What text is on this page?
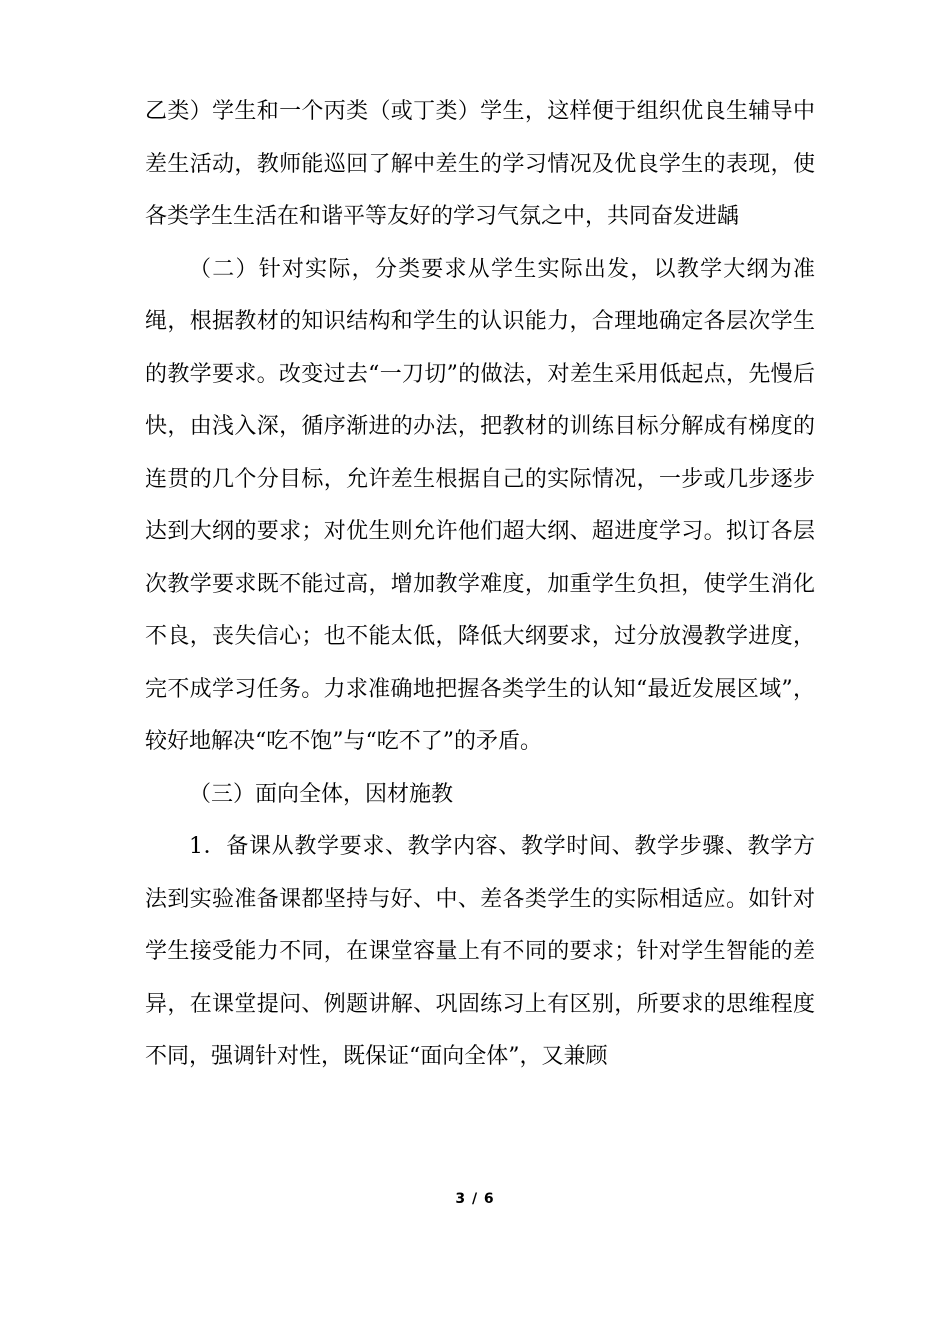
乙类）学生和一个丙类（或丁类）学生，这样便于组织优良生辅导中差生活动，教师能巡回了解中差生的学习情况及优良学生的表现，使各类学生生活在和谐平等友好的学习气氛之中，共同奋发进龋

（二）针对实际，分类要求从学生实际出发，以教学大纲为准绳，根据教材的知识结构和学生的认识能力，合理地确定各层次学生的教学要求。改变过去“一刀切”的做法，对差生采用低起点，先慢后快，由浅入深，循序渐进的办法，把教材的训练目标分解成有梯度的连贯的几个分目标，允许差生根据自己的实际情况，一步或几步逐步达到大纲的要求；对优生则允许他们超大纲、超进度学习。拟订各层次教学要求既不能过高，增加教学难度，加重学生负担，使学生消化不良，丧失信心；也不能太低，降低大纲要求，过分放漫教学进度，完不成学习任务。力求准确地把握各类学生的认知“最近发展区域”，较好地解决“吃不饱”与“吃不了”的矛盾。

（三）面向全体，因材施教

1．备课从教学要求、教学内容、教学时间、教学步骤、教学方法到实验准备课都坚持与好、中、差各类学生的实际相适应。如针对学生接受能力不同，在课堂容量上有不同的要求；针对学生智能的差异，在课堂提问、例题讲解、巩固练习上有区别，所要求的思维程度不同，强调针对性，既保证“面向全体”，又兼顾

3 / 6
